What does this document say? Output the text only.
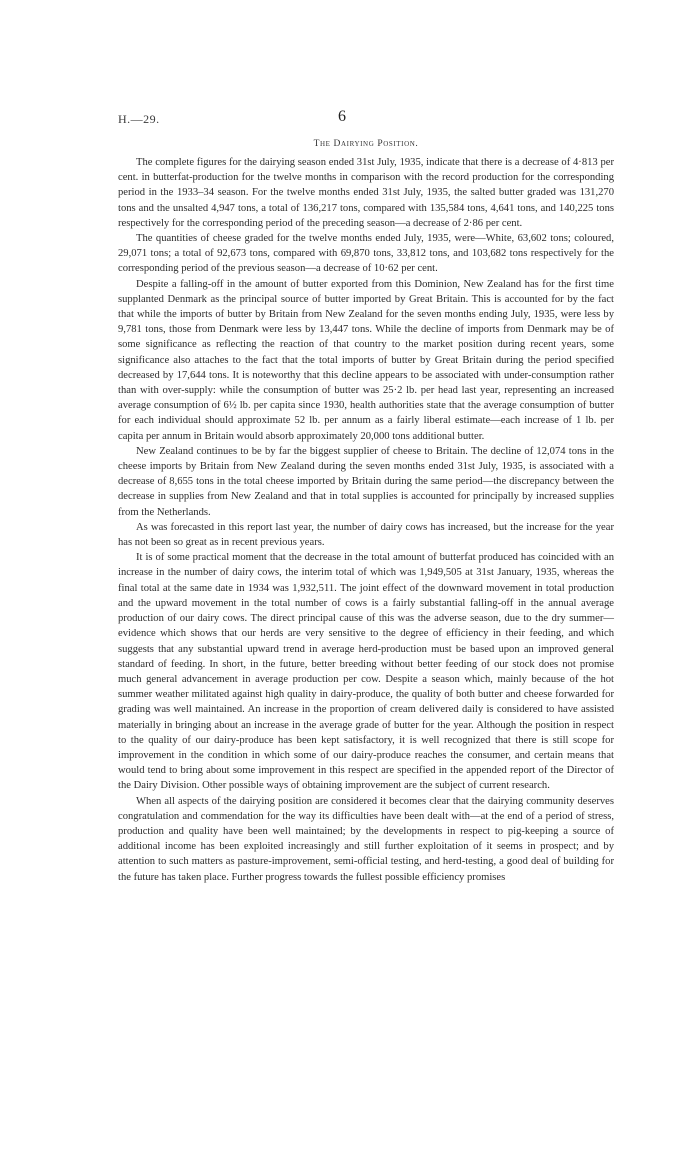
H.—29.	6
The Dairying Position.

The complete figures for the dairying season ended 31st July, 1935, indicate that there is a decrease of 4·813 per cent. in butterfat-production for the twelve months in comparison with the record production for the corresponding period in the 1933–34 season. For the twelve months ended 31st July, 1935, the salted butter graded was 131,270 tons and the unsalted 4,947 tons, a total of 136,217 tons, compared with 135,584 tons, 4,641 tons, and 140,225 tons respectively for the corresponding period of the preceding season—a decrease of 2·86 per cent.

The quantities of cheese graded for the twelve months ended July, 1935, were—White, 63,602 tons; coloured, 29,071 tons; a total of 92,673 tons, compared with 69,870 tons, 33,812 tons, and 103,682 tons respectively for the corresponding period of the previous season—a decrease of 10·62 per cent.

Despite a falling-off in the amount of butter exported from this Dominion, New Zealand has for the first time supplanted Denmark as the principal source of butter imported by Great Britain. This is accounted for by the fact that while the imports of butter by Britain from New Zealand for the seven months ending July, 1935, were less by 9,781 tons, those from Denmark were less by 13,447 tons. While the decline of imports from Denmark may be of some significance as reflecting the reaction of that country to the market position during recent years, some significance also attaches to the fact that the total imports of butter by Great Britain during the period specified decreased by 17,644 tons. It is noteworthy that this decline appears to be associated with under-consumption rather than with over-supply: while the consumption of butter was 25·2 lb. per head last year, representing an increased average consumption of 6½ lb. per capita since 1930, health authorities state that the average consumption of butter for each individual should approximate 52 lb. per annum as a fairly liberal estimate—each increase of 1 lb. per capita per annum in Britain would absorb approximately 20,000 tons additional butter.

New Zealand continues to be by far the biggest supplier of cheese to Britain. The decline of 12,074 tons in the cheese imports by Britain from New Zealand during the seven months ended 31st July, 1935, is associated with a decrease of 8,655 tons in the total cheese imported by Britain during the same period—the discrepancy between the decrease in supplies from New Zealand and that in total supplies is accounted for principally by increased supplies from the Netherlands.

As was forecasted in this report last year, the number of dairy cows has increased, but the increase for the year has not been so great as in recent previous years.

It is of some practical moment that the decrease in the total amount of butterfat produced has coincided with an increase in the number of dairy cows, the interim total of which was 1,949,505 at 31st January, 1935, whereas the final total at the same date in 1934 was 1,932,511. The joint effect of the downward movement in total production and the upward movement in the total number of cows is a fairly substantial falling-off in the annual average production of our dairy cows. The direct principal cause of this was the adverse season, due to the dry summer—evidence which shows that our herds are very sensitive to the degree of efficiency in their feeding, and which suggests that any substantial upward trend in average herd-production must be based upon an improved general standard of feeding. In short, in the future, better breeding without better feeding of our stock does not promise much general advancement in average production per cow. Despite a season which, mainly because of the hot summer weather militated against high quality in dairy-produce, the quality of both butter and cheese forwarded for grading was well maintained. An increase in the proportion of cream delivered daily is considered to have assisted materially in bringing about an increase in the average grade of butter for the year. Although the position in respect to the quality of our dairy-produce has been kept satisfactory, it is well recognized that there is still scope for improvement in the condition in which some of our dairy-produce reaches the consumer, and certain means that would tend to bring about some improvement in this respect are specified in the appended report of the Director of the Dairy Division. Other possible ways of obtaining improvement are the subject of current research.

When all aspects of the dairying position are considered it becomes clear that the dairying community deserves congratulation and commendation for the way its difficulties have been dealt with—at the end of a period of stress, production and quality have been well maintained; by the developments in respect to pig-keeping a source of additional income has been exploited increasingly and still further exploitation of it seems in prospect; and by attention to such matters as pasture-improvement, semi-official testing, and herd-testing, a good deal of building for the future has taken place. Further progress towards the fullest possible efficiency promises
